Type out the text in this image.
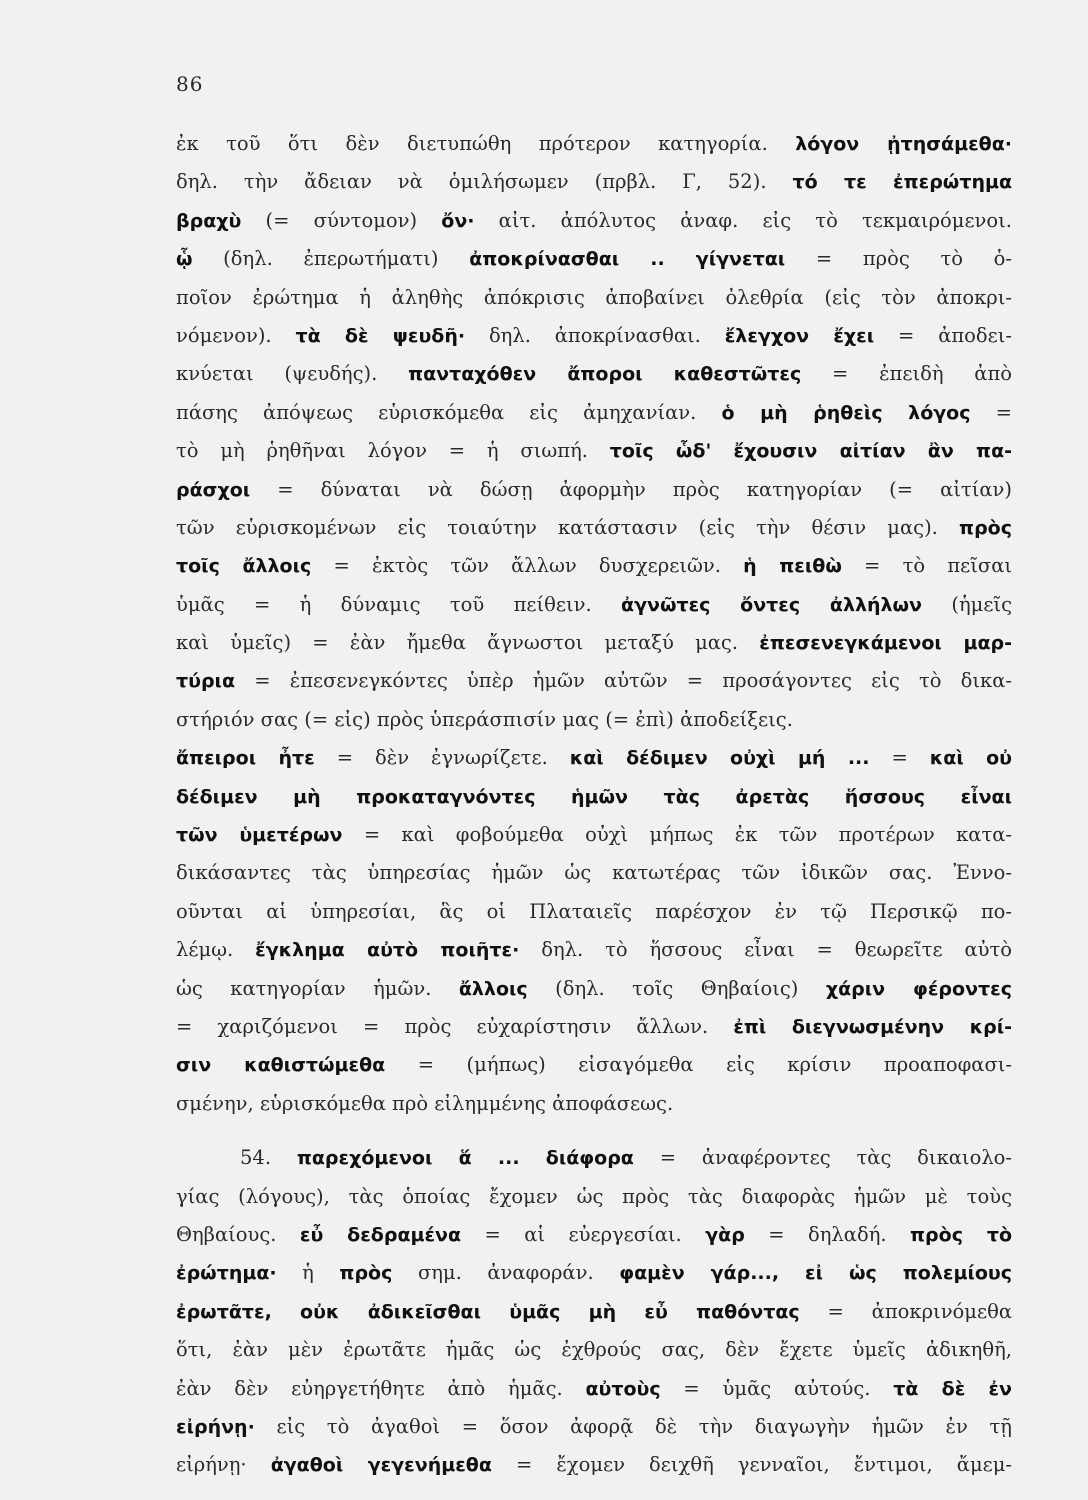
86
ἐκ τοῦ ὅτι δὲν διετυπώθη πρότερον κατηγορία. λόγον ᾐτησάμεθα·
δηλ. τὴν ἄδειαν νὰ ὁμιλήσωμεν (πρβλ. Γ, 52). τό τε ἐπερώτημα
βραχὺ (= σύντομον) ὄν· αἰτ. ἀπόλυτος ἀναφ. εἰς τὸ τεκμαιρόμενοι.
ᾧ (δηλ. ἐπερωτήματι) ἀποκρίνασθαι .. γίγνεται = πρὸς τὸ ὁ-
ποῖον ἐρώτημα ἡ ἀληθὴς ἀπόκρισις ἀποβαίνει ὀλεθρία (εἰς τὸν ἀποκρι-
νόμενον). τὰ δὲ ψευδῆ· δηλ. ἀποκρίνασθαι. ἔλεγχον ἔχει = ἀποδει-
κνύεται (ψευδής). πανταχόθεν ἄποροι καθεστῶτες = ἐπειδὴ ἀπὸ
πάσης ἀπόψεως εὑρισκόμεθα εἰς ἀμηχανίαν. ὁ μὴ ῥηθεὶς λόγος =
τὸ μὴ ῥηθῆναι λόγον = ἡ σιωπή. τοῖς ὧδ' ἔχουσιν αἰτίαν ἂν πα-
ράσχοι = δύναται νὰ δώσῃ ἀφορμὴν πρὸς κατηγορίαν (= αἰτίαν)
τῶν εὑρισκομένων εἰς τοιαύτην κατάστασιν (εἰς τὴν θέσιν μας). πρὸς
τοῖς ἄλλοις = ἐκτὸς τῶν ἄλλων δυσχερειῶν. ἡ πειθὼ = τὸ πεῖσαι
ὑμᾶς = ἡ δύναμις τοῦ πείθειν. ἀγνῶτες ὄντες ἀλλήλων (ἡμεῖς
καὶ ὑμεῖς) = ἐὰν ἤμεθα ἄγνωστοι μεταξύ μας. ἐπεσενεγκάμενοι μαρ-
τύρια = ἐπεσενεγκόντες ὑπὲρ ἡμῶν αὐτῶν = προσάγοντες εἰς τὸ δικα-
στήριόν σας (= εἰς) πρὸς ὑπεράσπισίν μας (= ἐπὶ) ἀποδείξεις.
ἄπειροι ἦτε = δὲν ἐγνωρίζετε. καὶ δέδιμεν οὐχὶ μή ... = καὶ οὐ
δέδιμεν μὴ προκαταγνόντες ἡμῶν τὰς ἀρετὰς ἥσσους εἶναι
τῶν ὑμετέρων = καὶ φοβούμεθα οὐχὶ μήπως ἐκ τῶν προτέρων κατα-
δικάσαντες τὰς ὑπηρεσίας ἡμῶν ὡς κατωτέρας τῶν ἰδικῶν σας. Ἐννο-
οῦνται αἱ ὑπηρεσίαι, ἃς οἱ Πλαταιεῖς παρέσχον ἐν τῷ Περσικῷ πο-
λέμῳ. ἔγκλημα αὐτὸ ποιῆτε· δηλ. τὸ ἥσσους εἶναι = θεωρεῖτε αὐτὸ
ὡς κατηγορίαν ἡμῶν. ἄλλοις (δηλ. τοῖς Θηβαίοις) χάριν φέροντες
= χαριζόμενοι = πρὸς εὐχαρίστησιν ἄλλων. ἐπὶ διεγνωσμένην κρί-
σιν καθιστώμεθα = (μήπως) εἰσαγόμεθα εἰς κρίσιν προαποφασι-
σμένην, εὑρισκόμεθα πρὸ εἰλημμένης ἀποφάσεως.
54. παρεχόμενοι ἅ ... διάφορα = ἀναφέροντες τὰς δικαιολο-
γίας (λόγους), τὰς ὁποίας ἔχομεν ὡς πρὸς τὰς διαφορὰς ἡμῶν μὲ τοὺς
Θηβαίους. εὖ δεδραμένα = αἱ εὐεργεσίαι. γὰρ = δηλαδή. πρὸς τὸ
ἐρώτημα· ἡ πρὸς σημ. ἀναφοράν. φαμὲν γάρ..., εἰ ὡς πολεμίους
ἐρωτᾶτε, οὐκ ἀδικεῖσθαι ὑμᾶς μὴ εὖ παθόντας = ἀποκρινόμεθα
ὅτι, ἐὰν μὲν ἐρωτᾶτε ἡμᾶς ὡς ἐχθρούς σας, δὲν ἔχετε ὑμεῖς ἀδικηθῆ,
ἐὰν δὲν εὐηργετήθητε ἀπὸ ἡμᾶς. αὐτοὺς = ὑμᾶς αὐτούς. τὰ δὲ ἐν
εἰρήνῃ· εἰς τὸ ἀγαθοὶ = ὅσον ἀφορᾷ δὲ τὴν διαγωγὴν ἡμῶν ἐν τῇ
εἰρήνῃ· ἀγαθοὶ γεγενήμεθα = ἔχομεν δειχθῆ γενναῖοι, ἔντιμοι, ἄμεμ-
